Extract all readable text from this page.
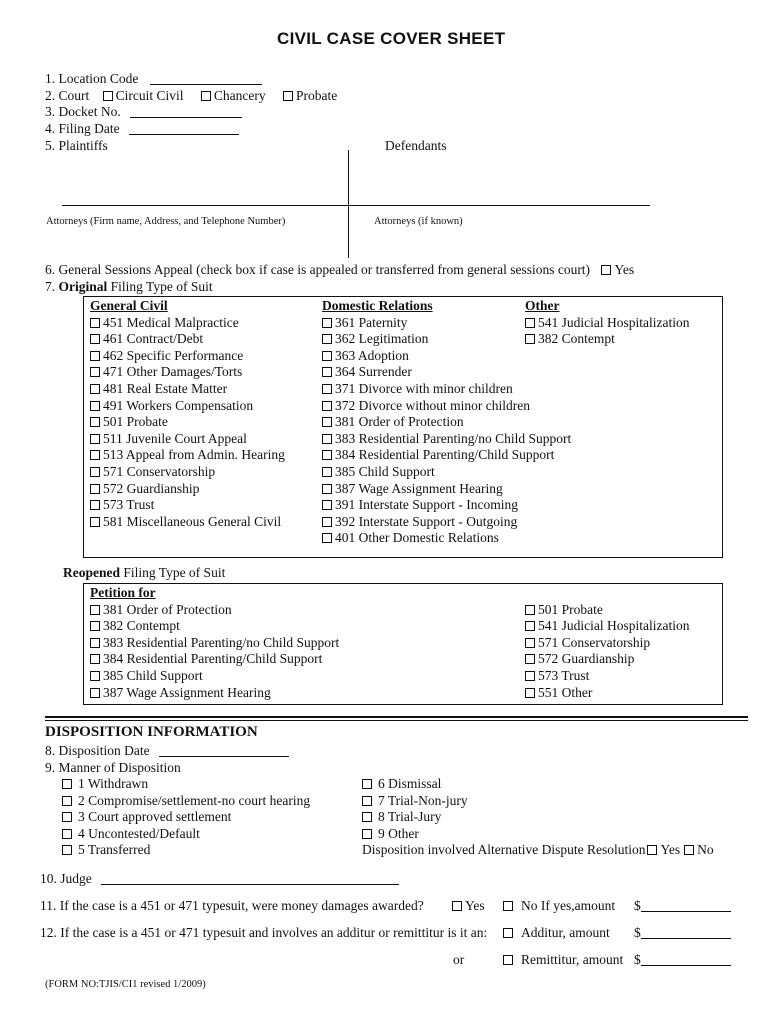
CIVIL CASE COVER SHEET
1. Location Code
2. Court Circuit Civil Chancery Probate
3. Docket No.
4. Filing Date
5. Plaintiffs	Defendants
Attorneys (Firm name, Address, and Telephone Number)	Attorneys (if known)
6. General Sessions Appeal (check box if case is appealed or transferred from general sessions court) Yes
7. Original Filing Type of Suit
General Civil
451 Medical Malpractice
461 Contract/Debt
462 Specific Performance
471 Other Damages/Torts
481 Real Estate Matter
491 Workers Compensation
501 Probate
511 Juvenile Court Appeal
513 Appeal from Admin. Hearing
571 Conservatorship
572 Guardianship
573 Trust
581 Miscellaneous General Civil
Domestic Relations
361 Paternity
362 Legitimation
363 Adoption
364 Surrender
371 Divorce with minor children
372 Divorce without minor children
381 Order of Protection
383 Residential Parenting/no Child Support
384 Residential Parenting/Child Support
385 Child Support
387 Wage Assignment Hearing
391 Interstate Support - Incoming
392 Interstate Support - Outgoing
401 Other Domestic Relations
Other
541 Judicial Hospitalization
382 Contempt
Reopened Filing Type of Suit
Petition for
381 Order of Protection
382 Contempt
383 Residential Parenting/no Child Support
384 Residential Parenting/Child Support
385 Child Support
387 Wage Assignment Hearing
501 Probate
541 Judicial Hospitalization
571 Conservatorship
572 Guardianship
573 Trust
551 Other
DISPOSITION INFORMATION
8. Disposition Date
9. Manner of Disposition
1 Withdrawn
2 Compromise/settlement-no court hearing
3 Court approved settlement
4 Uncontested/Default
5 Transferred
6 Dismissal
7 Trial-Non-jury
8 Trial-Jury
9 Other
Disposition involved Alternative Dispute Resolution Yes No
10. Judge
11. If the case is a 451 or 471 typesuit, were money damages awarded?	Yes	No If yes,amount $
12. If the case is a 451 or 471 typesuit and involves an additur or remittitur is it an:	Additur, amount $
or	Remittitur, amount $
(FORM NO:TJIS/CI1 revised 1/2009)
